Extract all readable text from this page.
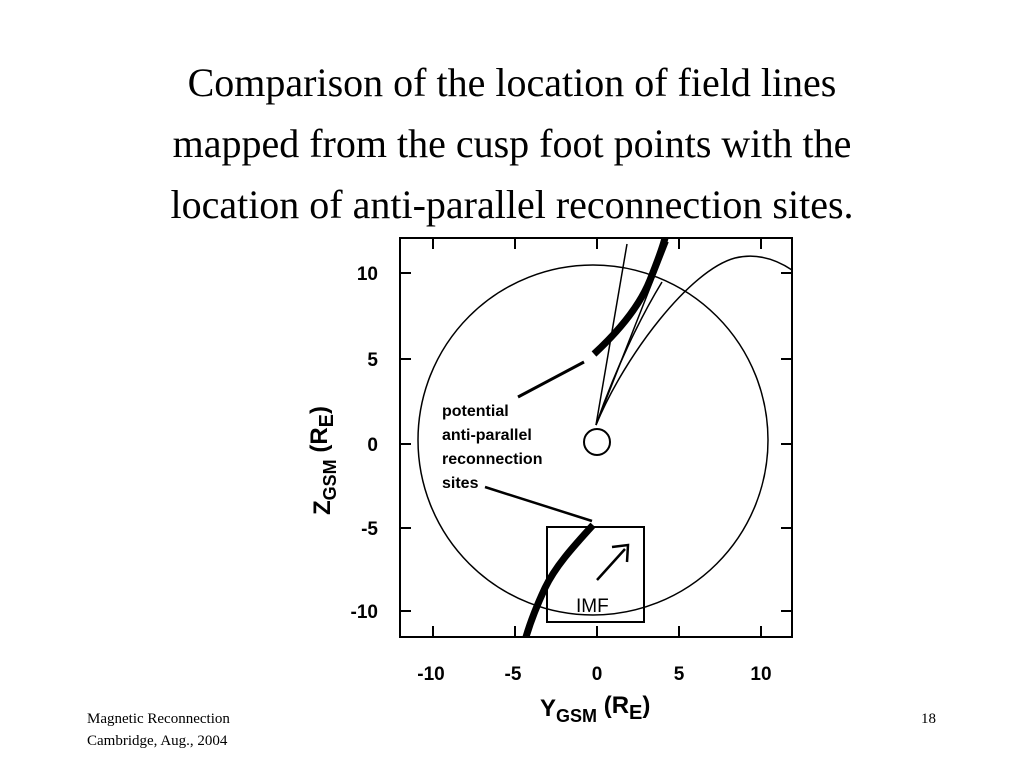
Comparison of the location of field lines
mapped from the cusp foot points with the
location of anti-parallel reconnection sites.
-10	-5	0	5	10
10
5
0
-5
-10
$Y_{GSM}$ $(R_E)$
$Z_{GSM}$ $(R_E)$	potential
anti-parallel
reconnection
sites
IMF
Magnetic Reconnection
Cambridge, Aug., 2004
18
